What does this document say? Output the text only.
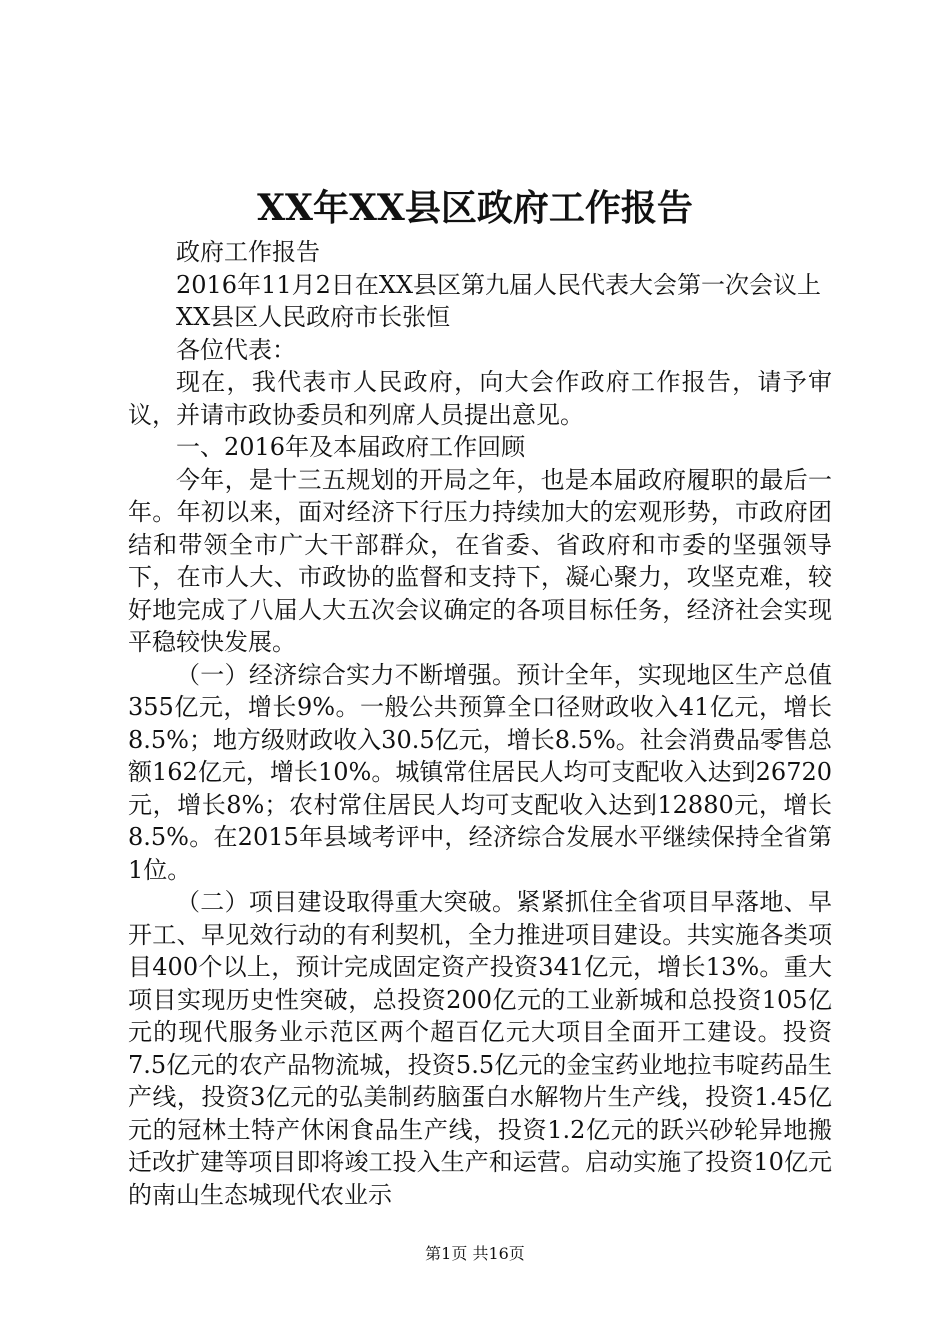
XX年XX县区政府工作报告

政府工作报告

2016年11月2日在XX县区第九届人民代表大会第一次会议上

XX县区人民政府市长张恒

各位代表：

现在，我代表市人民政府，向大会作政府工作报告，请予审议，并请市政协委员和列席人员提出意见。

一、2016年及本届政府工作回顾

今年，是十三五规划的开局之年，也是本届政府履职的最后一年。年初以来，面对经济下行压力持续加大的宏观形势，市政府团结和带领全市广大干部群众，在省委、省政府和市委的坚强领导下，在市人大、市政协的监督和支持下，凝心聚力，攻坚克难，较好地完成了八届人大五次会议确定的各项目标任务，经济社会实现平稳较快发展。

（一）经济综合实力不断增强。预计全年，实现地区生产总值355亿元，增长9%。一般公共预算全口径财政收入41亿元，增长8.5%；地方级财政收入30.5亿元，增长8.5%。社会消费品零售总额162亿元，增长10%。城镇常住居民人均可支配收入达到26720元，增长8%；农村常住居民人均可支配收入达到12880元，增长8.5%。在2015年县域考评中，经济综合发展水平继续保持全省第1位。

（二）项目建设取得重大突破。紧紧抓住全省项目早落地、早开工、早见效行动的有利契机，全力推进项目建设。共实施各类项目400个以上，预计完成固定资产投资341亿元，增长13%。重大项目实现历史性突破，总投资200亿元的工业新城和总投资105亿元的现代服务业示范区两个超百亿元大项目全面开工建设。投资7.5亿元的农产品物流城，投资5.5亿元的金宝药业地拉韦啶药品生产线，投资3亿元的弘美制药脑蛋白水解物片生产线，投资1.45亿元的冠林土特产休闲食品生产线，投资1.2亿元的跃兴砂轮异地搬迁改扩建等项目即将竣工投入生产和运营。启动实施了投资10亿元的南山生态城现代农业示

第1页 共16页
